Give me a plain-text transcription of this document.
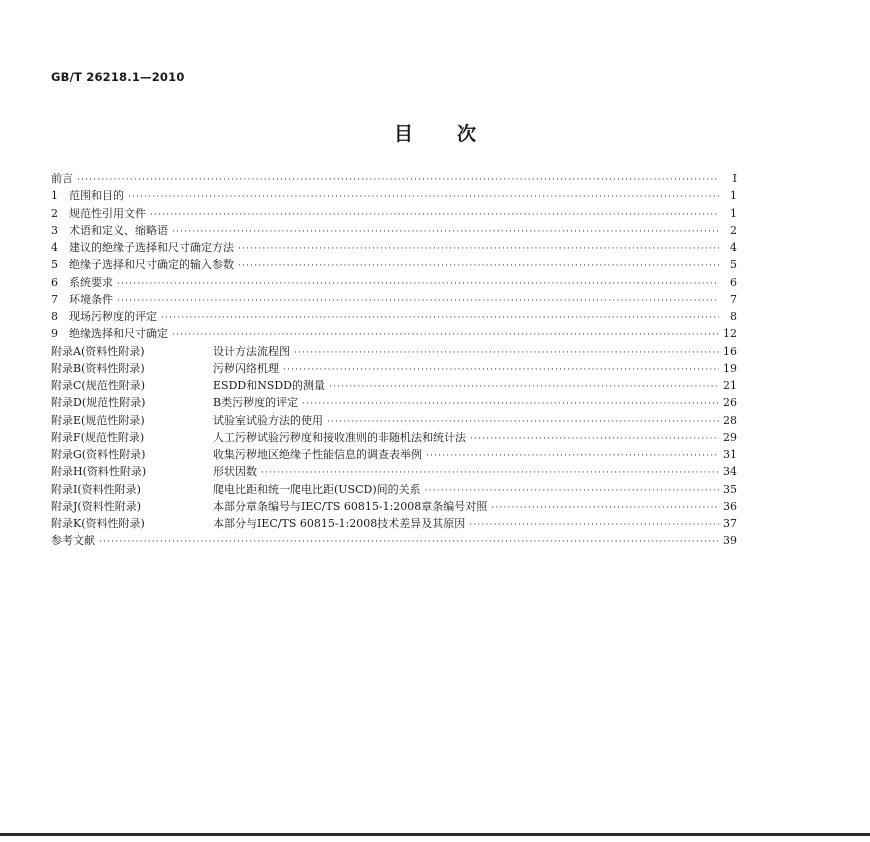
GB/T 26218.1—2010
目次
前言 ·····	I
1	范围和目的 ·····	1
2	规范性引用文件 ·····	1
3	术语和定义、缩略语 ·····	2
4	建议的绝缘子选择和尺寸确定方法 ·····	4
5	绝缘子选择和尺寸确定的输入参数 ·····	5
6	系统要求 ·····	6
7	环境条件 ·····	7
8	现场污秽度的评定 ·····	8
9	绝缘选择和尺寸确定 ·····	12
附录A(资料性附录)	设计方法流程图 ·····	16
附录B(资料性附录)	污秽闪络机理 ·····	19
附录C(规范性附录)	ESDD和NSDD的测量 ·····	21
附录D(规范性附录)	B类污秽度的评定 ·····	26
附录E(规范性附录)	试验室试验方法的使用 ·····	28
附录F(规范性附录)	人工污秽试验污秽度和接收准则的非随机法和统计法 ·····	29
附录G(资料性附录)	收集污秽地区绝缘子性能信息的调查表举例 ·····	31
附录H(资料性附录)	形状因数 ·····	34
附录I(资料性附录)	爬电比距和统一爬电比距(USCD)间的关系 ·····	35
附录J(资料性附录)	本部分章条编号与IEC/TS 60815-1:2008章条编号对照 ·····	36
附录K(资料性附录)	本部分与IEC/TS 60815-1:2008技术差异及其原因 ·····	37
参考文献 ·····	39
